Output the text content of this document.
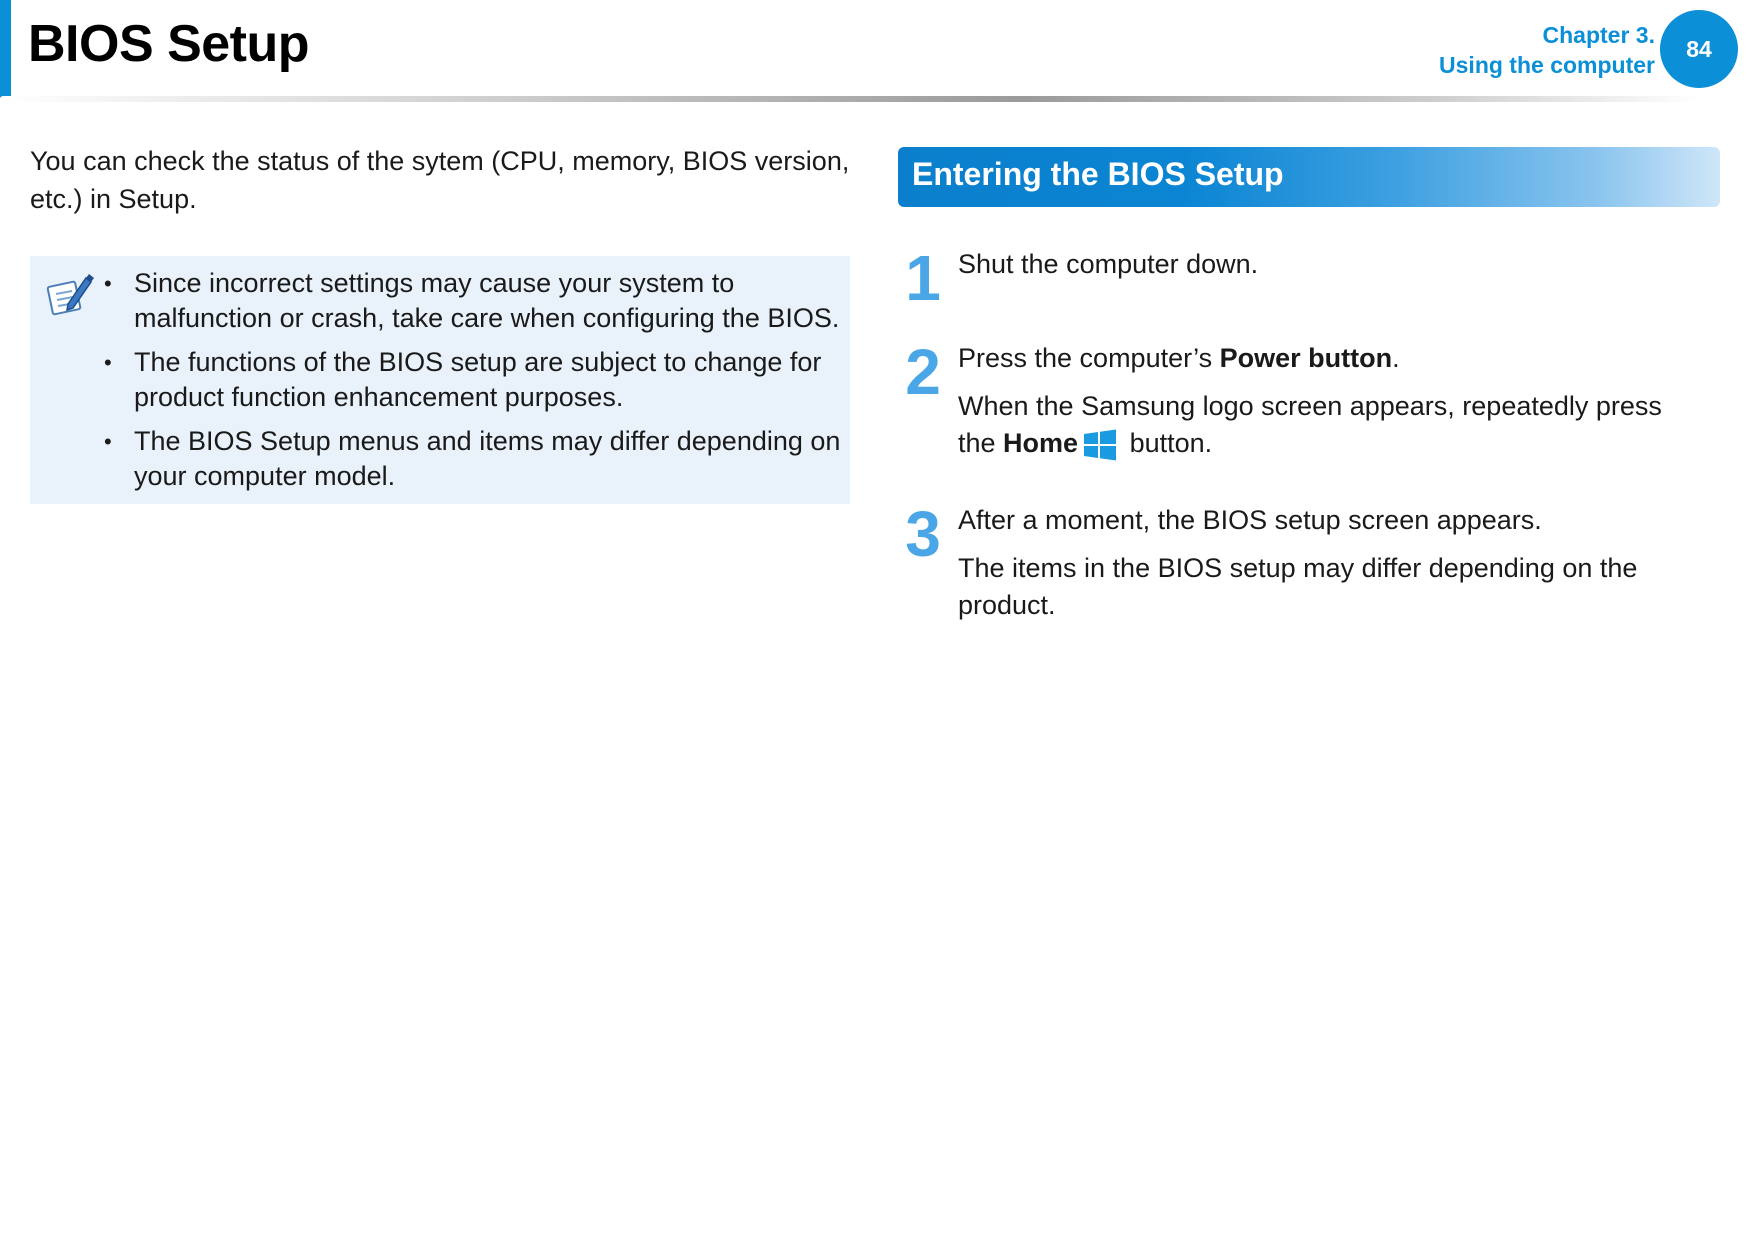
BIOS Setup	Chapter 3.
Using the computer
84

You can check the status of the sytem (CPU, memory, BIOS version, etc.) in Setup.

• Since incorrect settings may cause your system to malfunction or crash, take care when configuring the BIOS.
• The functions of the BIOS setup are subject to change for product function enhancement purposes.
• The BIOS Setup menus and items may differ depending on your computer model.
Entering the BIOS Setup
1 Shut the computer down.

2 Press the computer’s Power button.

When the Samsung logo screen appears, repeatedly press the Home button.

3 After a moment, the BIOS setup screen appears.

The items in the BIOS setup may differ depending on the product.
